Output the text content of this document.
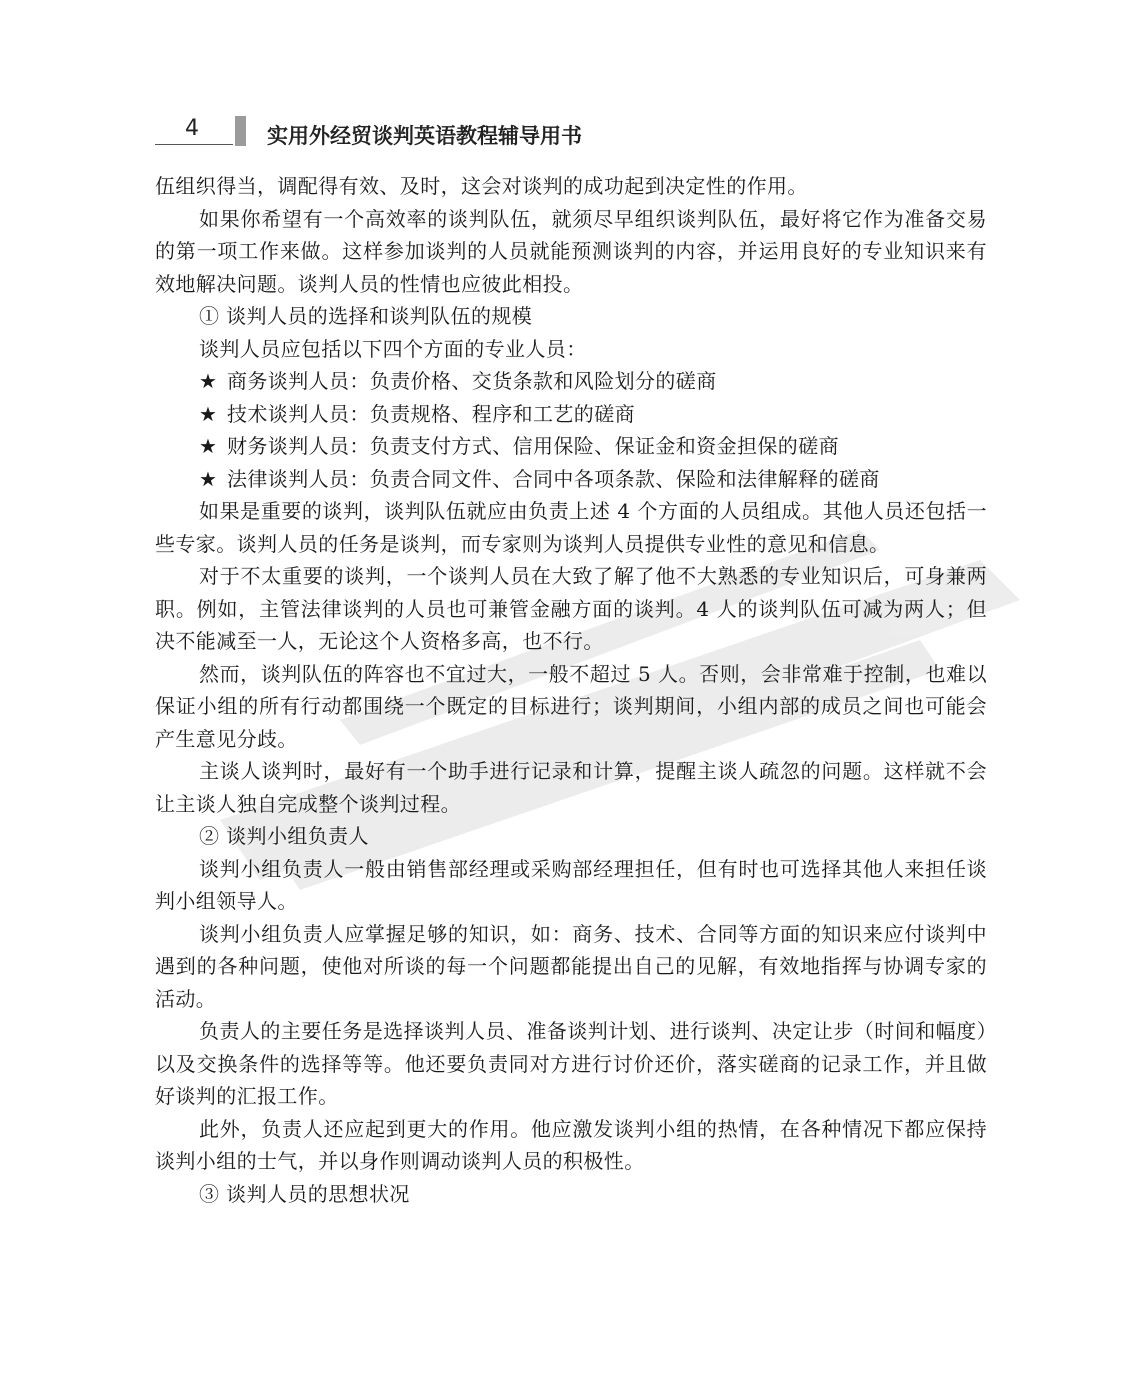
4	实用外经贸谈判英语教程辅导用书

伍组织得当，调配得有效、及时，这会对谈判的成功起到决定性的作用。

如果你希望有一个高效率的谈判队伍，就须尽早组织谈判队伍，最好将它作为准备交易的第一项工作来做。这样参加谈判的人员就能预测谈判的内容，并运用良好的专业知识来有效地解决问题。谈判人员的性情也应彼此相投。

① 谈判人员的选择和谈判队伍的规模

谈判人员应包括以下四个方面的专业人员：

★ 商务谈判人员：负责价格、交货条款和风险划分的磋商

★ 技术谈判人员：负责规格、程序和工艺的磋商

★ 财务谈判人员：负责支付方式、信用保险、保证金和资金担保的磋商

★ 法律谈判人员：负责合同文件、合同中各项条款、保险和法律解释的磋商

如果是重要的谈判，谈判队伍就应由负责上述 4 个方面的人员组成。其他人员还包括一些专家。谈判人员的任务是谈判，而专家则为谈判人员提供专业性的意见和信息。

对于不太重要的谈判，一个谈判人员在大致了解了他不大熟悉的专业知识后，可身兼两职。例如，主管法律谈判的人员也可兼管金融方面的谈判。4 人的谈判队伍可减为两人；但决不能减至一人，无论这个人资格多高，也不行。

然而，谈判队伍的阵容也不宜过大，一般不超过 5 人。否则，会非常难于控制，也难以保证小组的所有行动都围绕一个既定的目标进行；谈判期间，小组内部的成员之间也可能会产生意见分歧。

主谈人谈判时，最好有一个助手进行记录和计算，提醒主谈人疏忽的问题。这样就不会让主谈人独自完成整个谈判过程。

② 谈判小组负责人

谈判小组负责人一般由销售部经理或采购部经理担任，但有时也可选择其他人来担任谈判小组领导人。

谈判小组负责人应掌握足够的知识，如：商务、技术、合同等方面的知识来应付谈判中遇到的各种问题，使他对所谈的每一个问题都能提出自己的见解，有效地指挥与协调专家的活动。

负责人的主要任务是选择谈判人员、准备谈判计划、进行谈判、决定让步（时间和幅度）以及交换条件的选择等等。他还要负责同对方进行讨价还价，落实磋商的记录工作，并且做好谈判的汇报工作。

此外，负责人还应起到更大的作用。他应激发谈判小组的热情，在各种情况下都应保持谈判小组的士气，并以身作则调动谈判人员的积极性。

③ 谈判人员的思想状况
